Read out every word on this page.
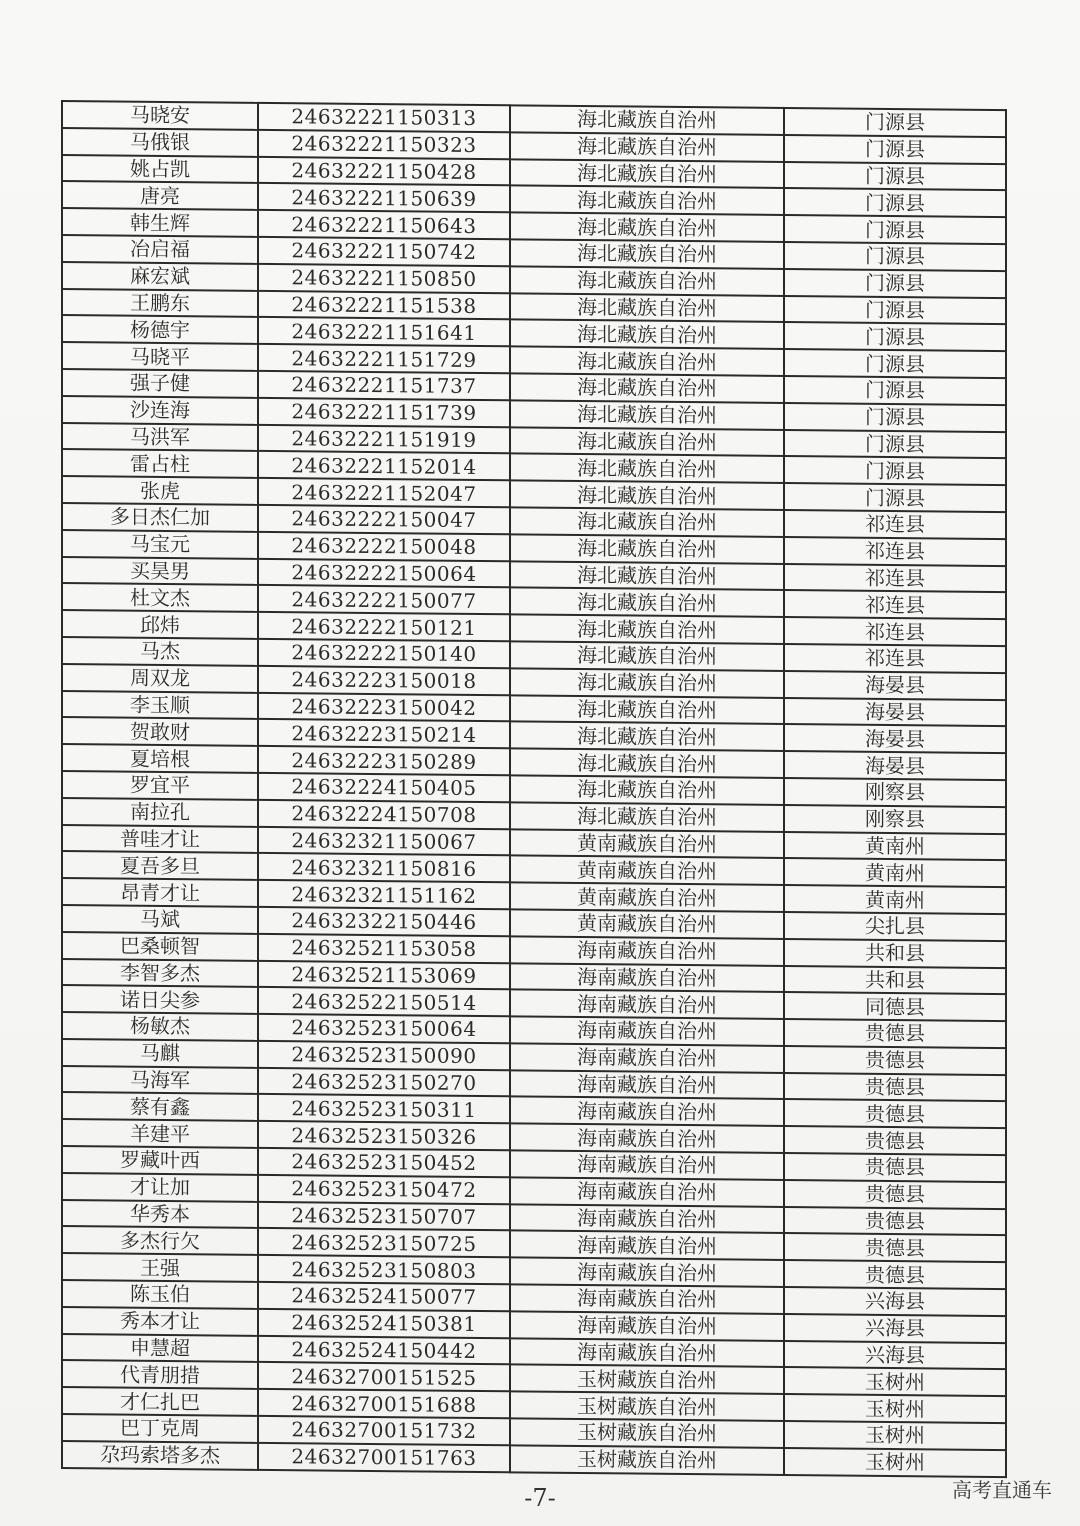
马晓安	24632221150313	海北藏族自治州	门源县
马俄银	24632221150323	海北藏族自治州	门源县
姚占凯	24632221150428	海北藏族自治州	门源县
唐亮	24632221150639	海北藏族自治州	门源县
韩生辉	24632221150643	海北藏族自治州	门源县
冶启福	24632221150742	海北藏族自治州	门源县
麻宏斌	24632221150850	海北藏族自治州	门源县
王鹏东	24632221151538	海北藏族自治州	门源县
杨德宇	24632221151641	海北藏族自治州	门源县
马晓平	24632221151729	海北藏族自治州	门源县
强子健	24632221151737	海北藏族自治州	门源县
沙连海	24632221151739	海北藏族自治州	门源县
马洪军	24632221151919	海北藏族自治州	门源县
雷占柱	24632221152014	海北藏族自治州	门源县
张虎	24632221152047	海北藏族自治州	门源县
多日杰仁加	24632222150047	海北藏族自治州	祁连县
马宝元	24632222150048	海北藏族自治州	祁连县
买昊男	24632222150064	海北藏族自治州	祁连县
杜文杰	24632222150077	海北藏族自治州	祁连县
邱炜	24632222150121	海北藏族自治州	祁连县
马杰	24632222150140	海北藏族自治州	祁连县
周双龙	24632223150018	海北藏族自治州	海晏县
李玉顺	24632223150042	海北藏族自治州	海晏县
贺敢财	24632223150214	海北藏族自治州	海晏县
夏培根	24632223150289	海北藏族自治州	海晏县
罗宜平	24632224150405	海北藏族自治州	刚察县
南拉孔	24632224150708	海北藏族自治州	刚察县
普哇才让	24632321150067	黄南藏族自治州	黄南州
夏吾多旦	24632321150816	黄南藏族自治州	黄南州
昂青才让	24632321151162	黄南藏族自治州	黄南州
马斌	24632322150446	黄南藏族自治州	尖扎县
巴桑顿智	24632521153058	海南藏族自治州	共和县
李智多杰	24632521153069	海南藏族自治州	共和县
诺日尖参	24632522150514	海南藏族自治州	同德县
杨敏杰	24632523150064	海南藏族自治州	贵德县
马麒	24632523150090	海南藏族自治州	贵德县
马海军	24632523150270	海南藏族自治州	贵德县
蔡有鑫	24632523150311	海南藏族自治州	贵德县
羊建平	24632523150326	海南藏族自治州	贵德县
罗藏叶西	24632523150452	海南藏族自治州	贵德县
才让加	24632523150472	海南藏族自治州	贵德县
华秀本	24632523150707	海南藏族自治州	贵德县
多杰行欠	24632523150725	海南藏族自治州	贵德县
王强	24632523150803	海南藏族自治州	贵德县
陈玉伯	24632524150077	海南藏族自治州	兴海县
秀本才让	24632524150381	海南藏族自治州	兴海县
申慧超	24632524150442	海南藏族自治州	兴海县
代青朋措	24632700151525	玉树藏族自治州	玉树州
才仁扎巴	24632700151688	玉树藏族自治州	玉树州
巴丁克周	24632700151732	玉树藏族自治州	玉树州
尕玛索塔多杰	24632700151763	玉树藏族自治州	玉树州
-7-	高考直通车
